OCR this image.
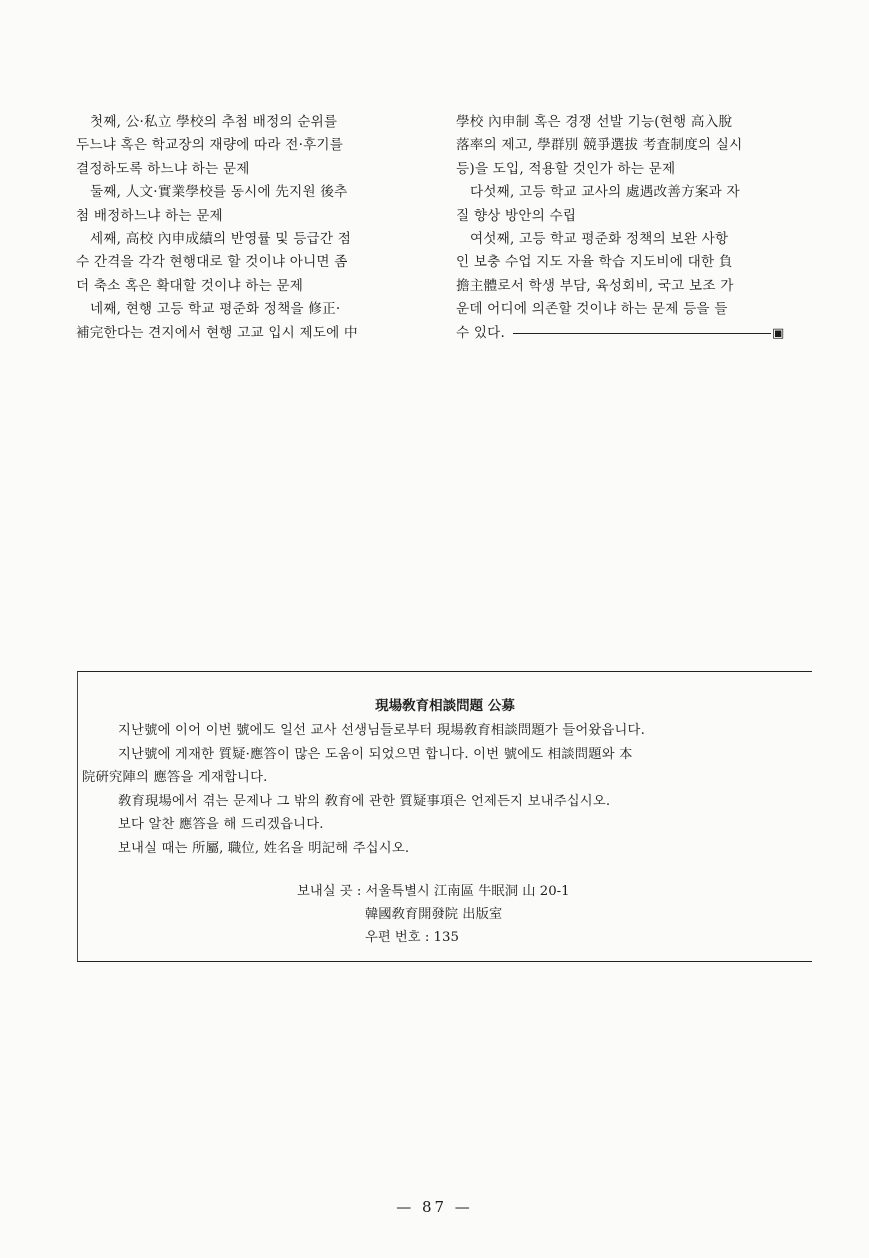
첫째, 公·私立 學校의 추첨 배정의 순위를
두느냐 혹은 학교장의 재량에 따라 전·후기를
결정하도록 하느냐 하는 문제
둘째, 人文·實業學校를 동시에 先지원 後추
첨 배정하느냐 하는 문제
세째, 高校 內申成績의 반영률 및 등급간 점
수 간격을 각각 현행대로 할 것이냐 아니면 좀
더 축소 혹은 확대할 것이냐 하는 문제
네째, 현행 고등 학교 평준화 정책을 修正·
補完한다는 견지에서 현행 고교 입시 제도에 中
學校 內申制 혹은 경쟁 선발 기능(현행 高入脫
落率의 제고, 學群別 競爭選拔 考査制度의 실시
등)을 도입, 적용할 것인가 하는 문제
다섯째, 고등 학교 교사의 處遇改善方案과 자
질 향상 방안의 수립
여섯째, 고등 학교 평준화 정책의 보완 사항
인 보충 수업 지도 자율 학습 지도비에 대한 負
擔主體로서 학생 부담, 육성회비, 국고 보조 가
운데 어디에 의존할 것이냐 하는 문제 등을 들
수 있다.	▣
現場敎育相談問題 公募
지난號에 이어 이번 號에도 일선 교사 선생님들로부터 現場敎育相談問題가 들어왔읍니다.
지난號에 게재한 質疑·應答이 많은 도움이 되었으면 합니다. 이번 號에도 相談問題와 本
院硏究陣의 應答을 게재합니다.
敎育現場에서 겪는 문제나 그 밖의 敎育에 관한 質疑事項은 언제든지 보내주십시오.
보다 알찬 應答을 해 드리겠읍니다.
보내실 때는 所屬, 職位, 姓名을 明記해 주십시오.
보내실 곳 : 서울특별시 江南區 牛眠洞 山 20-1
韓國敎育開發院 出版室
우편 번호 : 135
— 87 —
